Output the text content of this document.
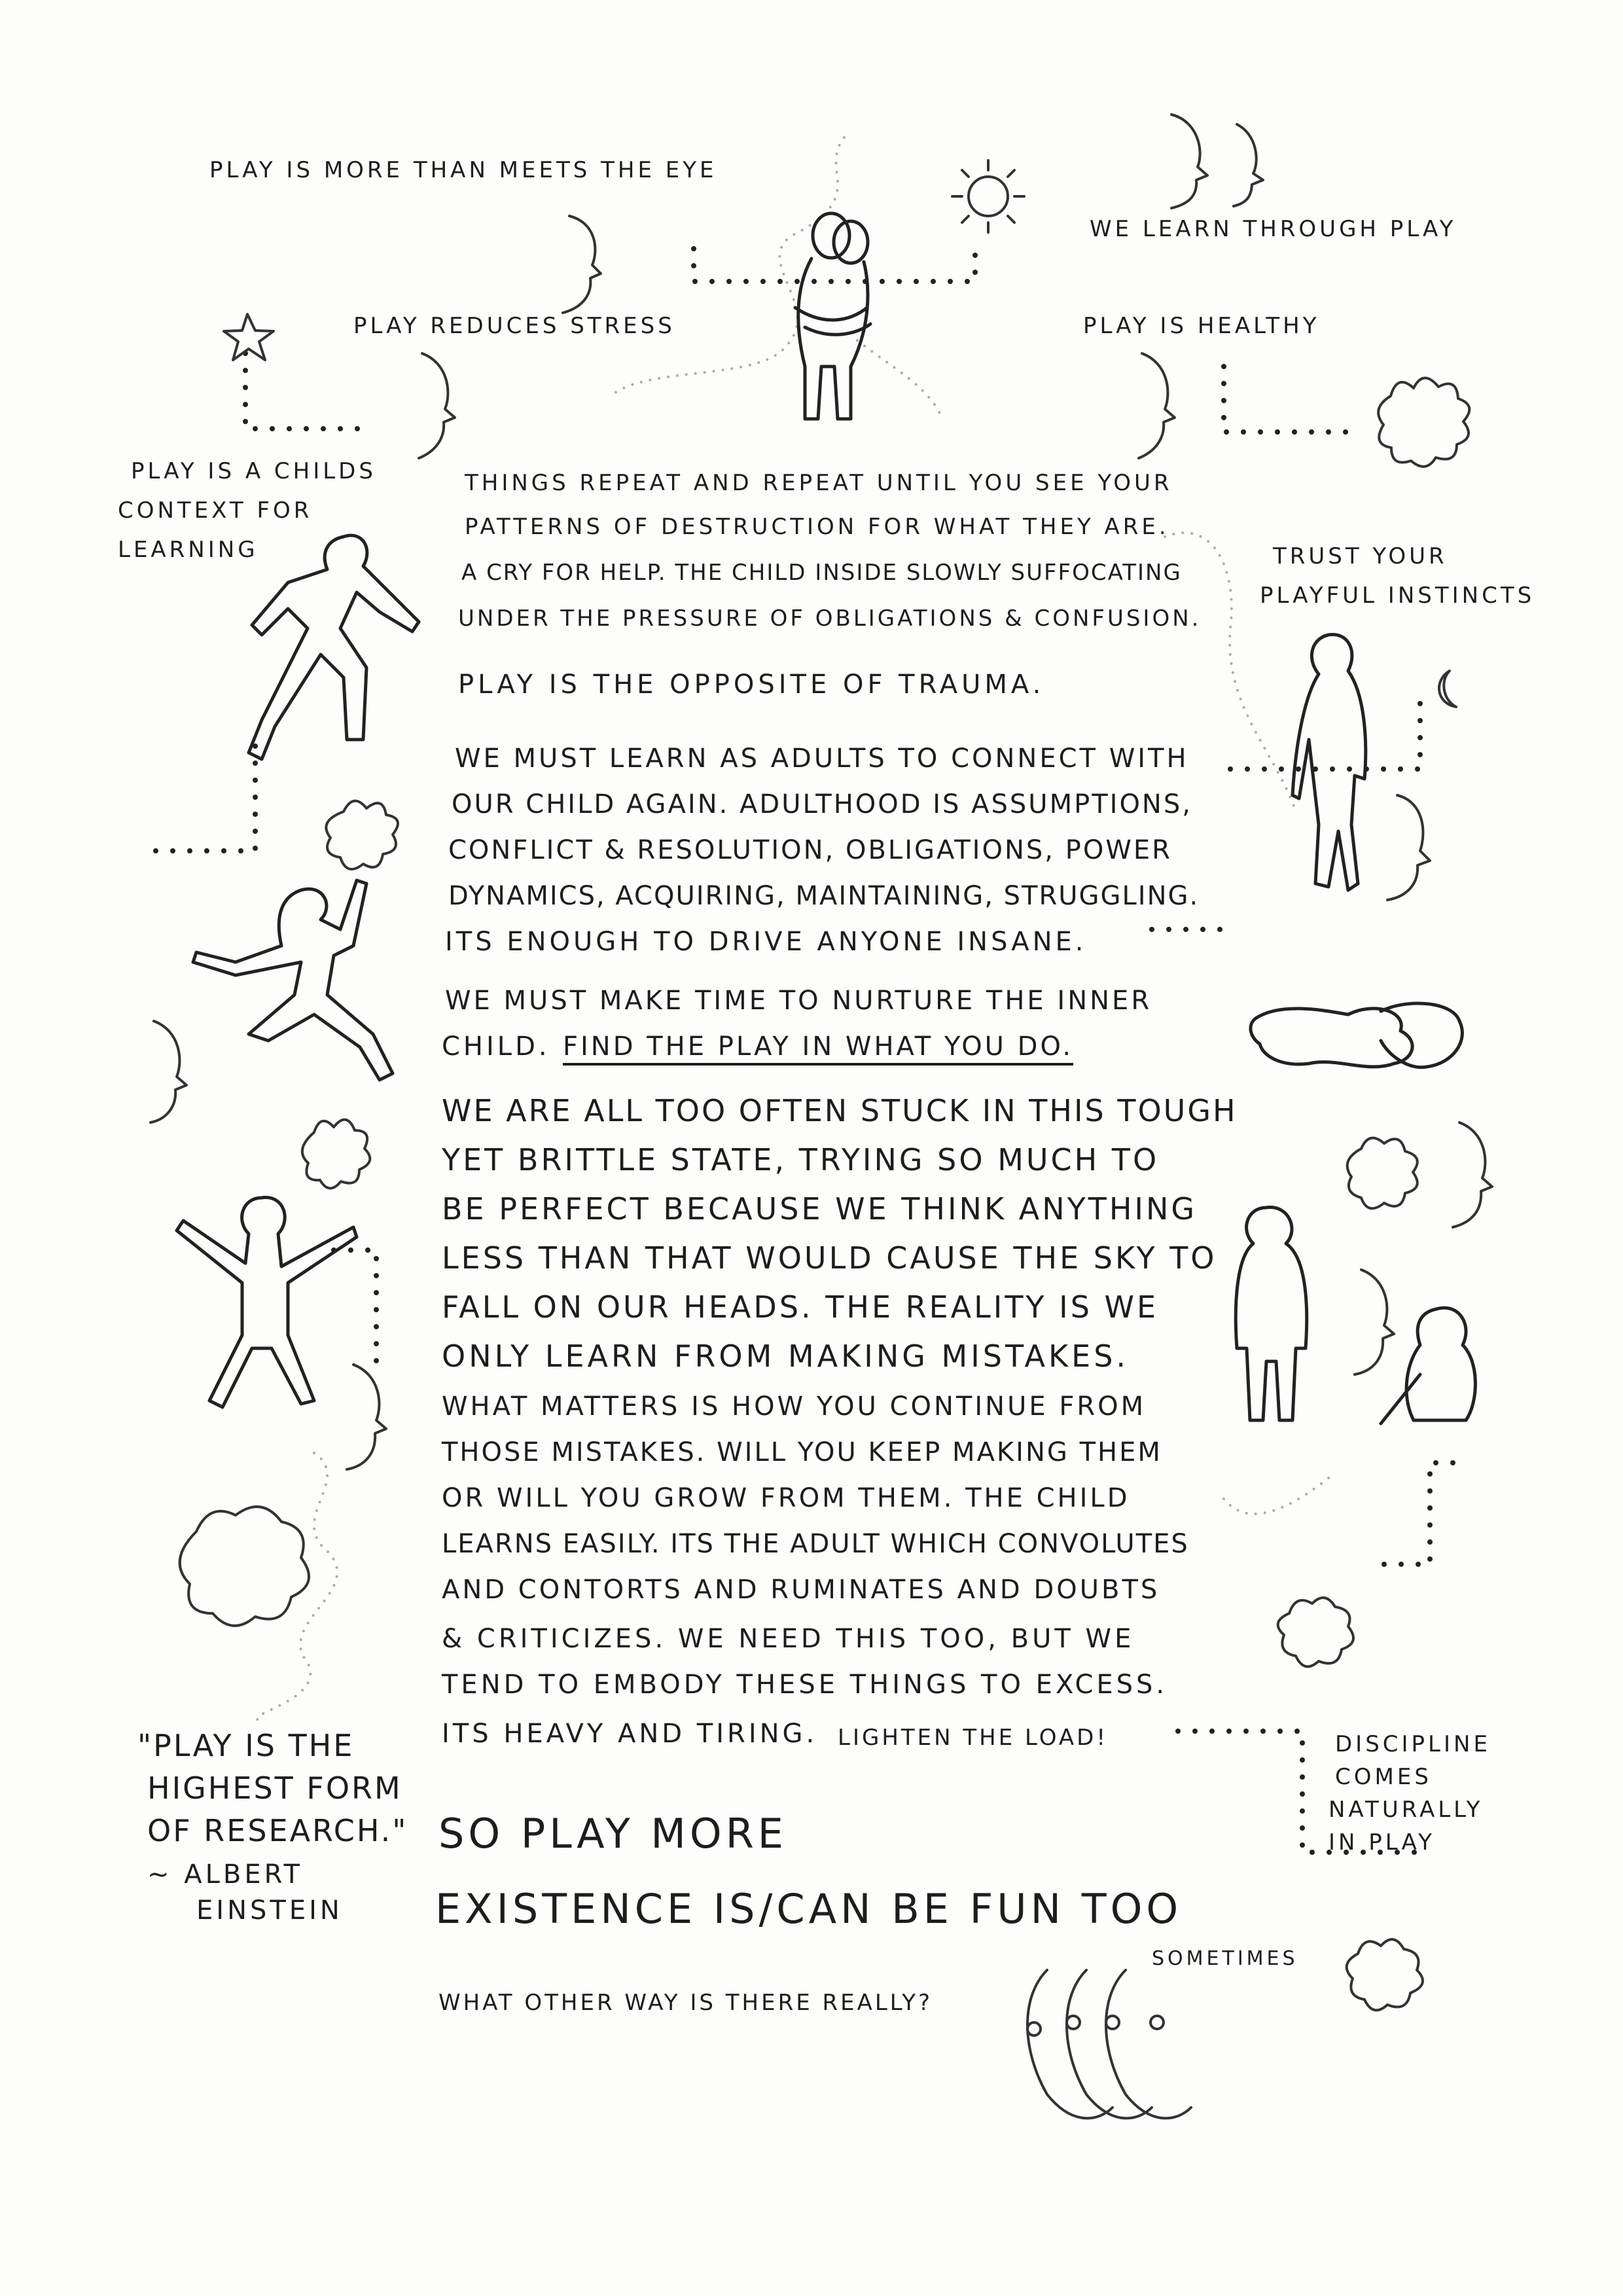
PLAY IS MORE THAN MEETS THE EYE
WE LEARN THROUGH PLAY
PLAY REDUCES STRESS	PLAY IS HEALTHY
PLAY IS A CHILDS
CONTEXT FOR
LEARNING	TRUST YOUR
PLAYFUL INSTINCTS
DISCIPLINE
COMES
NATURALLY
IN PLAY
SOMETIMES
"PLAY IS THE
HIGHEST FORM
OF RESEARCH."
~ ALBERT
EINSTEIN
THINGS REPEAT AND REPEAT UNTIL YOU SEE YOUR
PATTERNS OF DESTRUCTION FOR WHAT THEY ARE.
A CRY FOR HELP. THE CHILD INSIDE SLOWLY SUFFOCATING
UNDER THE PRESSURE OF OBLIGATIONS & CONFUSION.
PLAY IS THE OPPOSITE OF TRAUMA.
WE MUST LEARN AS ADULTS TO CONNECT WITH
OUR CHILD AGAIN. ADULTHOOD IS ASSUMPTIONS,
CONFLICT & RESOLUTION, OBLIGATIONS, POWER
DYNAMICS, ACQUIRING, MAINTAINING, STRUGGLING.
ITS ENOUGH TO DRIVE ANYONE INSANE.
WE MUST MAKE TIME TO NURTURE THE INNER
CHILD. FIND THE PLAY IN WHAT YOU DO.
WE ARE ALL TOO OFTEN STUCK IN THIS TOUGH
YET BRITTLE STATE, TRYING SO MUCH TO
BE PERFECT BECAUSE WE THINK ANYTHING
LESS THAN THAT WOULD CAUSE THE SKY TO
FALL ON OUR HEADS. THE REALITY IS WE
ONLY LEARN FROM MAKING MISTAKES.
WHAT MATTERS IS HOW YOU CONTINUE FROM
THOSE MISTAKES. WILL YOU KEEP MAKING THEM
OR WILL YOU GROW FROM THEM. THE CHILD
LEARNS EASILY. ITS THE ADULT WHICH CONVOLUTES
AND CONTORTS AND RUMINATES AND DOUBTS
& CRITICIZES. WE NEED THIS TOO, BUT WE
TEND TO EMBODY THESE THINGS TO EXCESS.
ITS HEAVY AND TIRING. LIGHTEN THE LOAD!
SO PLAY MORE
EXISTENCE IS/CAN BE FUN TOO
WHAT OTHER WAY IS THERE REALLY?
